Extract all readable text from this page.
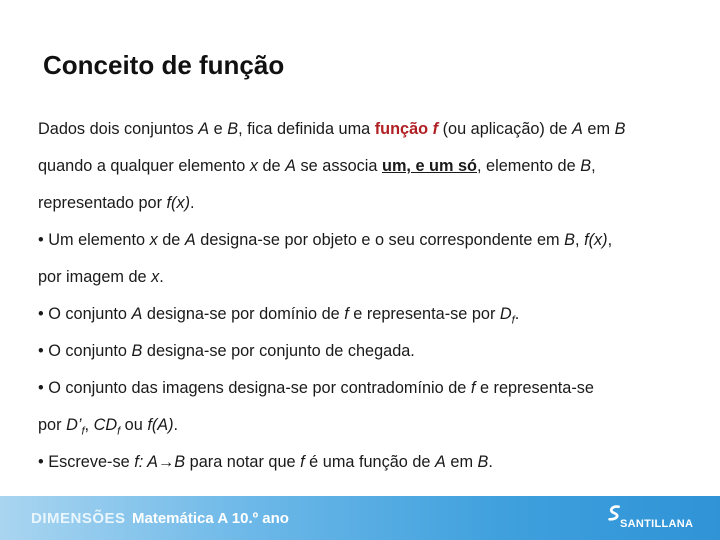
Conceito de função

Dados dois conjuntos A e B, fica definida uma função f (ou aplicação) de A em B

quando a qualquer elemento x de A se associa um, e um só, elemento de B,

representado por f(x).

• Um elemento x de A designa-se por objeto e o seu correspondente em B, f(x),

por imagem de x.

• O conjunto A designa-se por domínio de f e representa-se por $D_f$.

• O conjunto B designa-se por conjunto de chegada.

• O conjunto das imagens designa-se por contradomínio de f e representa-se

por $D’_f$, $CD_f$ ou f(A).

• Escreve-se f: A→B para notar que f é uma função de A em B.

DIMENSÕES Matemática A 10.º ano	SANTILLANA
